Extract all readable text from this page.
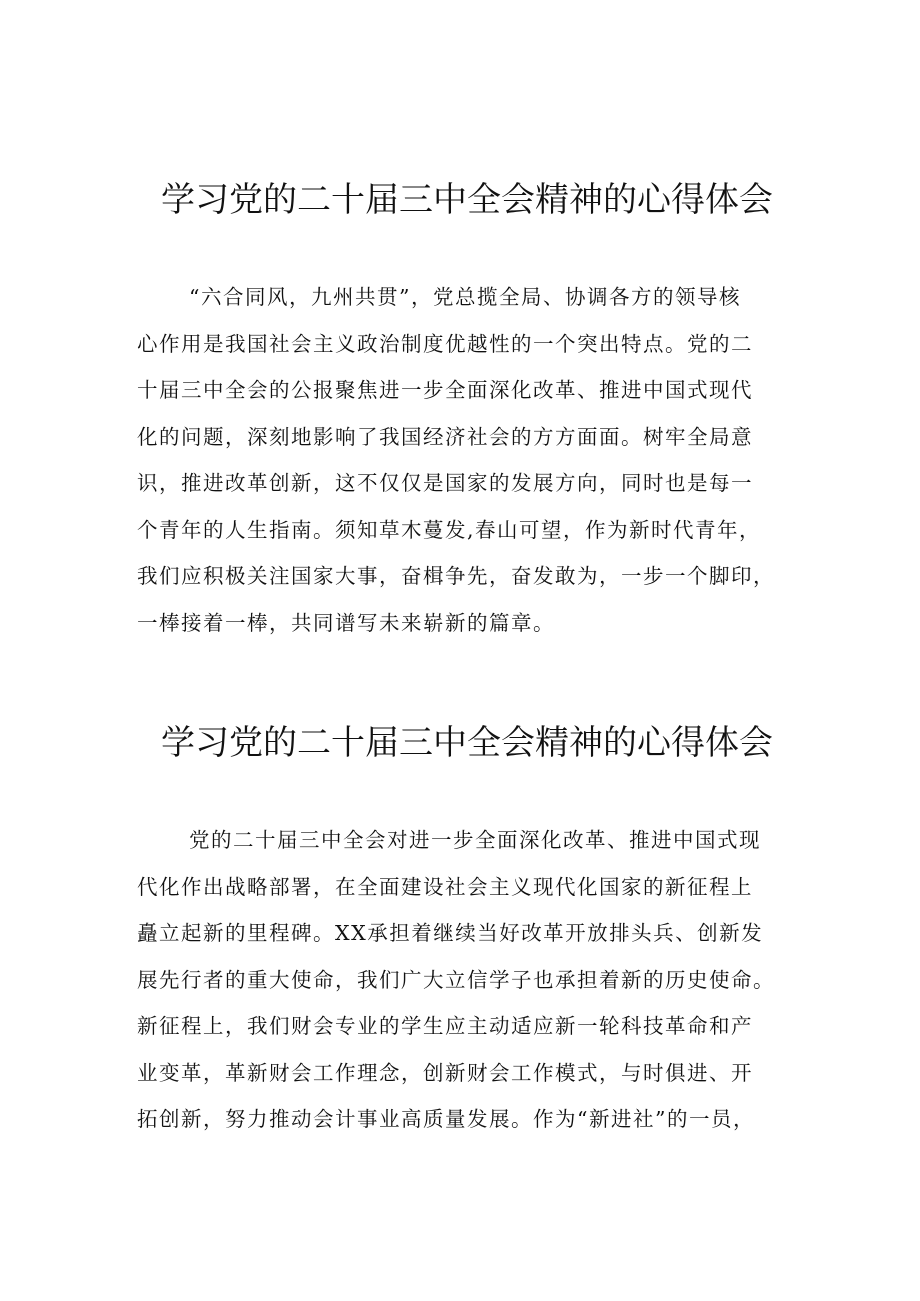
学习党的二十届三中全会精神的心得体会
“六合同风，九州共贯”，党总揽全局、协调各方的领导核
心作用是我国社会主义政治制度优越性的一个突出特点。党的二
十届三中全会的公报聚焦进一步全面深化改革、推进中国式现代
化的问题，深刻地影响了我国经济社会的方方面面。树牢全局意
识，推进改革创新，这不仅仅是国家的发展方向，同时也是每一
个青年的人生指南。须知草木蔓发,春山可望，作为新时代青年，
我们应积极关注国家大事，奋楫争先，奋发敢为，一步一个脚印，
一棒接着一棒，共同谱写未来崭新的篇章。
学习党的二十届三中全会精神的心得体会
党的二十届三中全会对进一步全面深化改革、推进中国式现
代化作出战略部署，在全面建设社会主义现代化国家的新征程上
矗立起新的里程碑。XX承担着继续当好改革开放排头兵、创新发
展先行者的重大使命，我们广大立信学子也承担着新的历史使命。
新征程上，我们财会专业的学生应主动适应新一轮科技革命和产
业变革，革新财会工作理念，创新财会工作模式，与时俱进、开
拓创新，努力推动会计事业高质量发展。作为“新进社”的一员，
